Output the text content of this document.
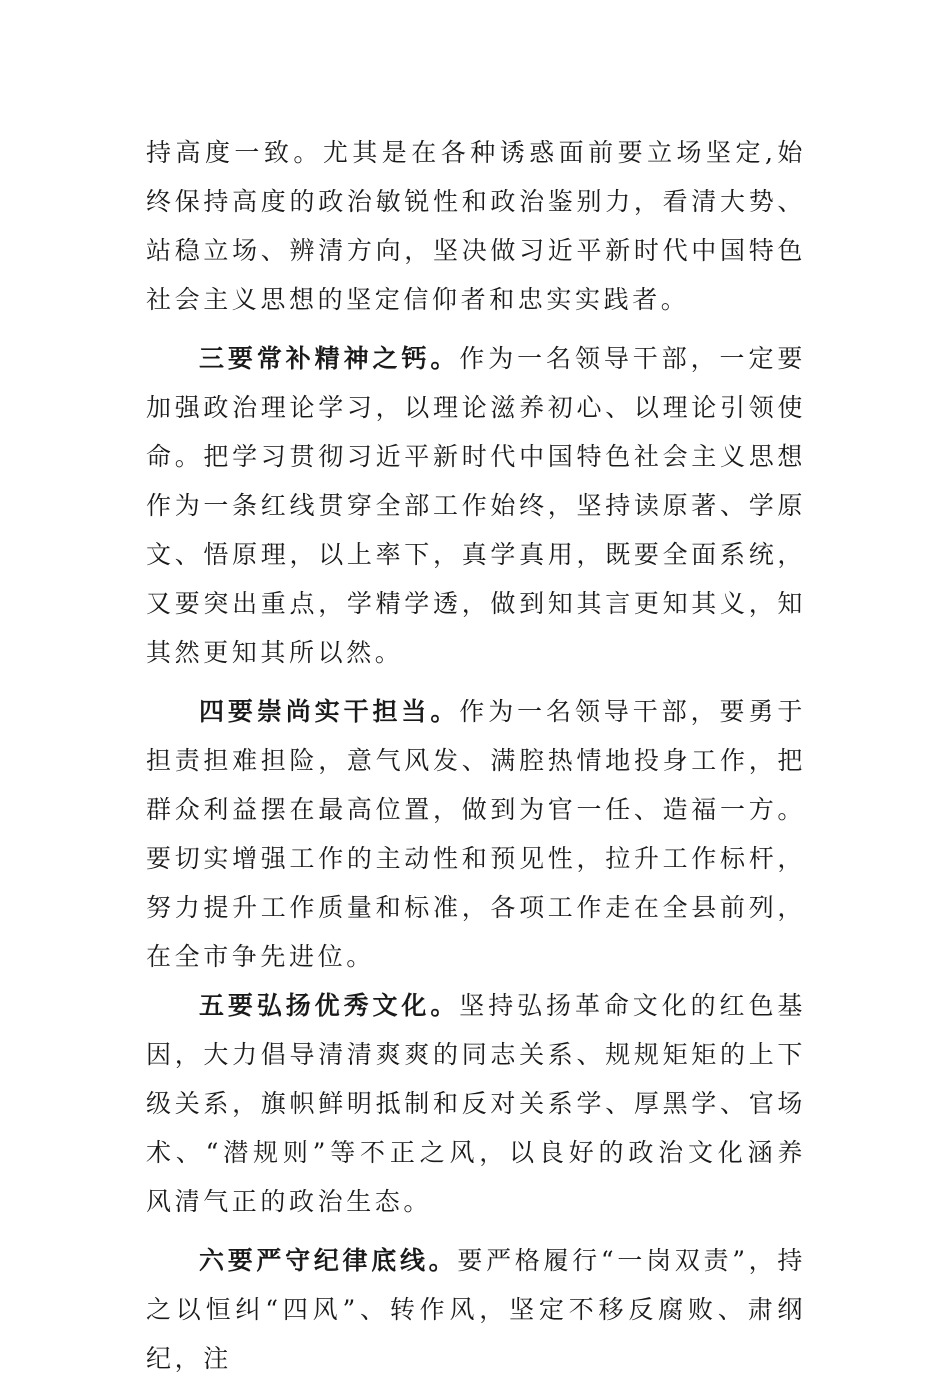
持高度一致。尤其是在各种诱惑面前要立场坚定,始终保持高度的政治敏锐性和政治鉴别力，看清大势、站稳立场、辨清方向，坚决做习近平新时代中国特色社会主义思想的坚定信仰者和忠实实践者。

三要常补精神之钙。作为一名领导干部，一定要加强政治理论学习，以理论滋养初心、以理论引领使命。把学习贯彻习近平新时代中国特色社会主义思想作为一条红线贯穿全部工作始终，坚持读原著、学原文、悟原理，以上率下，真学真用，既要全面系统，又要突出重点，学精学透，做到知其言更知其义，知其然更知其所以然。

四要崇尚实干担当。作为一名领导干部，要勇于担责担难担险，意气风发、满腔热情地投身工作，把群众利益摆在最高位置，做到为官一任、造福一方。要切实增强工作的主动性和预见性，拉升工作标杆，努力提升工作质量和标准，各项工作走在全县前列，在全市争先进位。

五要弘扬优秀文化。坚持弘扬革命文化的红色基因，大力倡导清清爽爽的同志关系、规规矩矩的上下级关系，旗帜鲜明抵制和反对关系学、厚黑学、官场术、“潜规则”等不正之风，以良好的政治文化涵养风清气正的政治生态。

六要严守纪律底线。要严格履行“一岗双责”，持之以恒纠“四风”、转作风，坚定不移反腐败、肃纲纪，注
